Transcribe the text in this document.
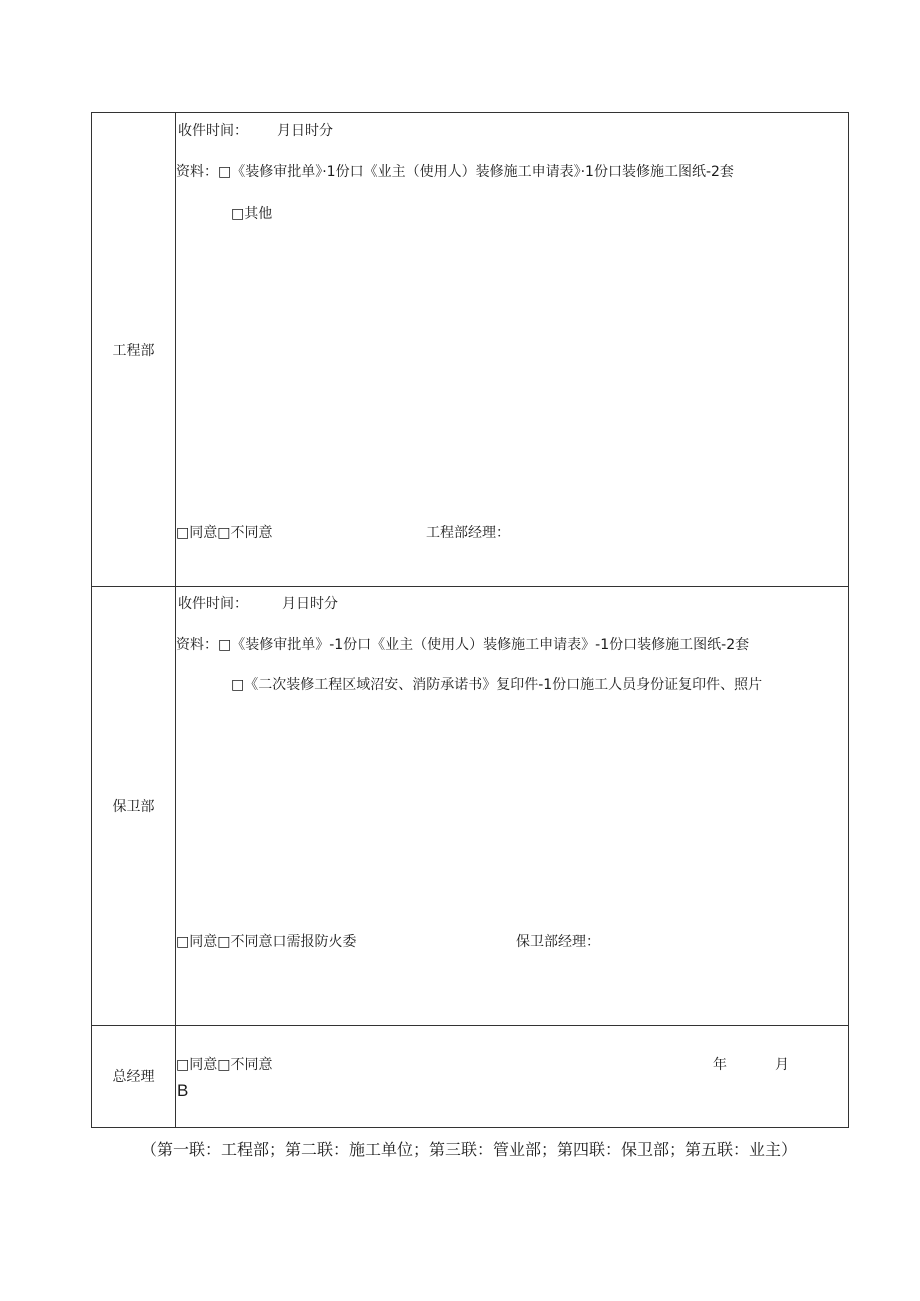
工程部
收件时间： 月日时分
资料：□《装修审批单》·1份口《业主（使用人）装修施工申请表》·1份口装修施工图纸-2套
□其他
□同意□不同意	工程部经理：
保卫部
收件时间： 月日时分
资料：□《装修审批单》-1份口《业主（使用人）装修施工申请表》-1份口装修施工图纸-2套
□《二次装修工程区域沼安、消防承诺书》复印件-1份口施工人员身份证复印件、照片
□同意□不同意口需报防火委	保卫部经理：
总经理
□同意□不同意	年	月
B
（第一联：工程部；第二联：施工单位；第三联：管业部；第四联：保卫部；第五联：业主）
